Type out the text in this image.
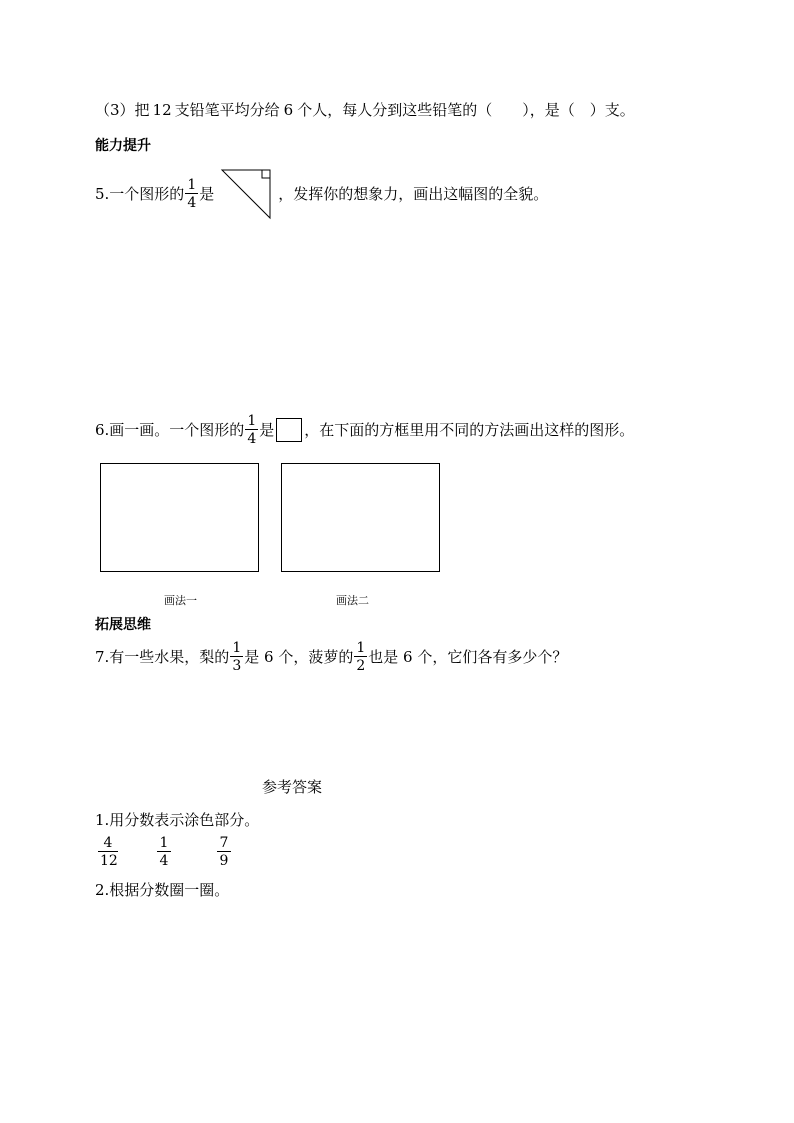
（3）把 12 支铅笔平均分给 6 个人，每人分到这些铅笔的（　　 ），是（　 ）支。
能力提升
5.一个图形的 $\frac{1}{4}$ 是	，发挥你的想象力，画出这幅图的全貌。
6.画一画。一个图形的 $\frac{1}{4}$ 是 ，在下面的方框里用不同的方法画出这样的图形。
画法一	画法二
拓展思维
7.有一些水果，梨的 $\frac{1}{3}$ 是 6 个，菠萝的 $\frac{1}{2}$ 也是 6 个，它们各有多少个？
参考答案
1.用分数表示涂色部分。
$\frac{4}{12}$	$\frac{1}{4}$	$\frac{7}{9}$
2.根据分数圈一圈。
